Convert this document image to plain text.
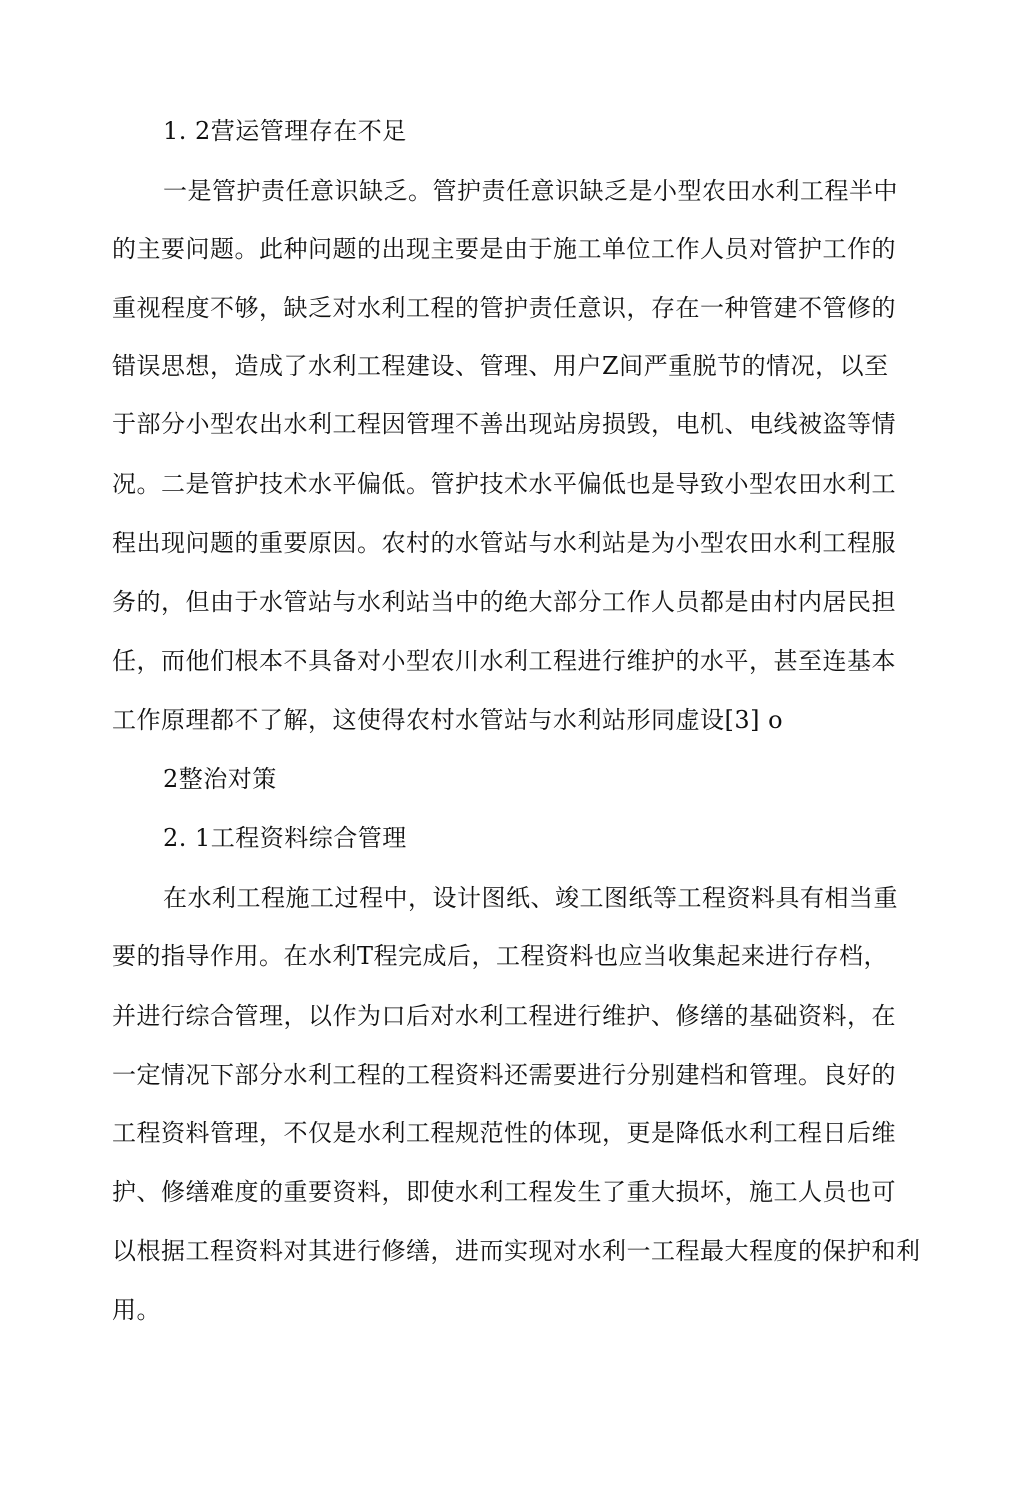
1. 2营运管理存在不足
一是管护责任意识缺乏。管护责任意识缺乏是小型农田水利工程半中
的主要问题。此种问题的出现主要是由于施工单位工作人员对管护工作的
重视程度不够，缺乏对水利工程的管护责任意识，存在一种管建不管修的
错误思想，造成了水利工程建设、管理、用户Z间严重脱节的情况，以至
于部分小型农出水利工程因管理不善出现站房损毁，电机、电线被盗等情
况。二是管护技术水平偏低。管护技术水平偏低也是导致小型农田水利工
程出现问题的重要原因。农村的水管站与水利站是为小型农田水利工程服
务的，但由于水管站与水利站当中的绝大部分工作人员都是由村内居民担
任，而他们根本不具备对小型农川水利工程进行维护的水平，甚至连基本
工作原理都不了解，这使得农村水管站与水利站形同虚设[3] o
2整治对策
2. 1工程资料综合管理
在水利工程施工过程中，设计图纸、竣工图纸等工程资料具有相当重
要的指导作用。在水利T程完成后，工程资料也应当收集起来进行存档，
并进行综合管理，以作为口后对水利工程进行维护、修缮的基础资料，在
一定情况下部分水利工程的工程资料还需要进行分别建档和管理。良好的
工程资料管理，不仅是水利工程规范性的体现，更是降低水利工程日后维
护、修缮难度的重要资料，即使水利工程发生了重大损坏，施工人员也可
以根据工程资料对其进行修缮，进而实现对水利一工程最大程度的保护和利
用。
